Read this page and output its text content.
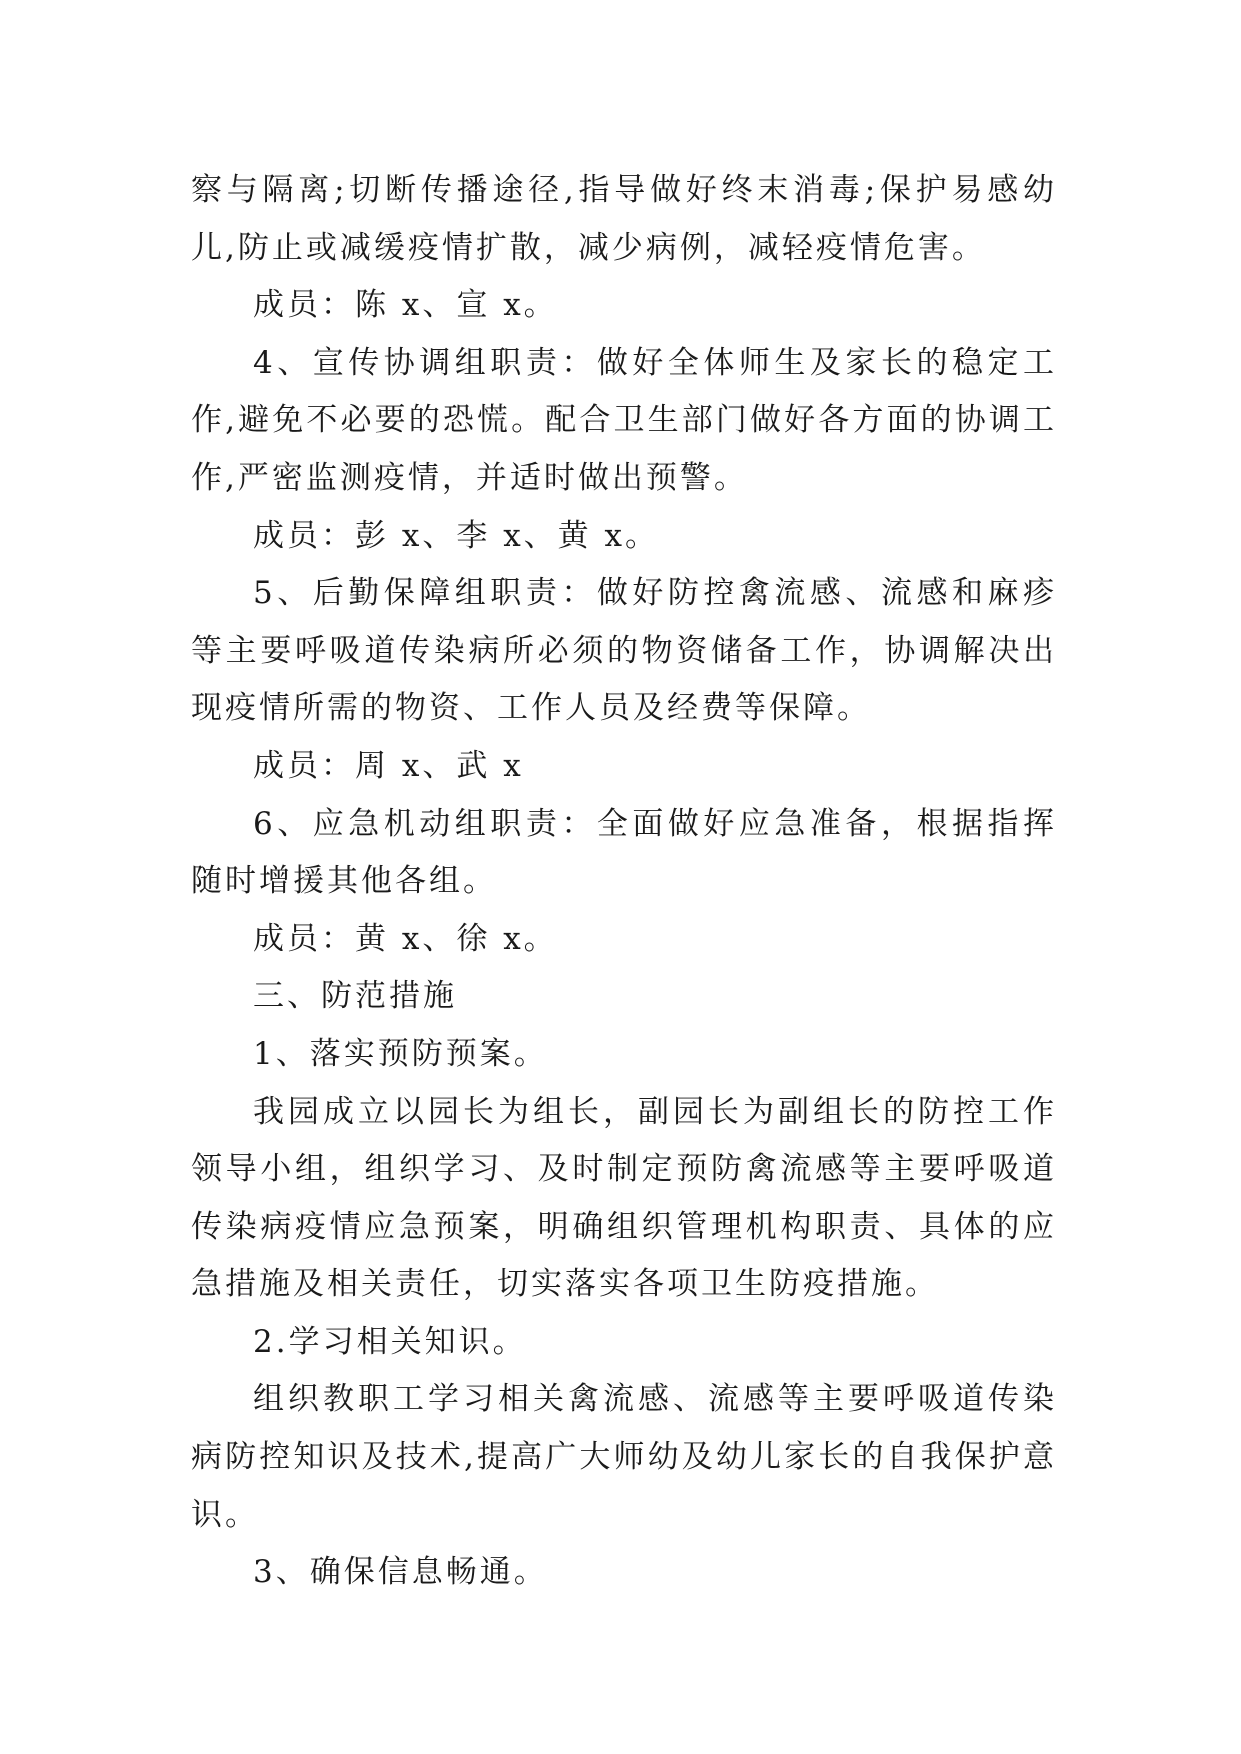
察与隔离;切断传播途径,指导做好终末消毒;保护易感幼儿,防止或减缓疫情扩散，减少病例，减轻疫情危害。

成员：陈 x、宣 x。

4、宣传协调组职责：做好全体师生及家长的稳定工作,避免不必要的恐慌。配合卫生部门做好各方面的协调工作,严密监测疫情，并适时做出预警。

成员：彭 x、李 x、黄 x。

5、后勤保障组职责：做好防控禽流感、流感和麻疹等主要呼吸道传染病所必须的物资储备工作，协调解决出现疫情所需的物资、工作人员及经费等保障。

成员：周 x、武 x

6、应急机动组职责：全面做好应急准备，根据指挥随时增援其他各组。

成员：黄 x、徐 x。

三、防范措施

1、落实预防预案。

我园成立以园长为组长，副园长为副组长的防控工作领导小组，组织学习、及时制定预防禽流感等主要呼吸道传染病疫情应急预案，明确组织管理机构职责、具体的应急措施及相关责任，切实落实各项卫生防疫措施。

2.学习相关知识。

组织教职工学习相关禽流感、流感等主要呼吸道传染病防控知识及技术,提高广大师幼及幼儿家长的自我保护意识。

3、确保信息畅通。
